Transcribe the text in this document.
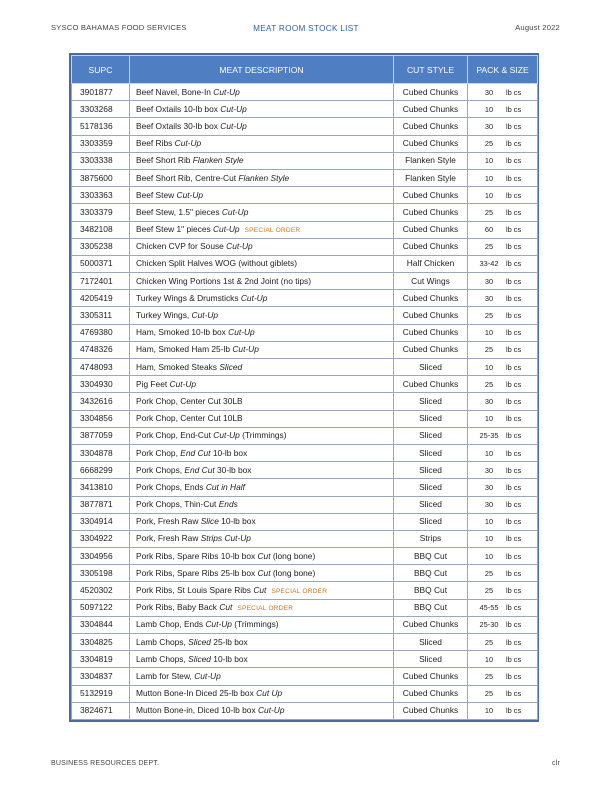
SYSCO BAHAMAS FOOD SERVICES	MEAT ROOM STOCK LIST	August 2022
SUPC	MEAT DESCRIPTION	CUT STYLE	PACK & SIZE
3901877	Beef Navel, Bone-In Cut-Up	Cubed Chunks	30 lb cs
3303268	Beef Oxtails 10-lb box Cut-Up	Cubed Chunks	10 lb cs
5178136	Beef Oxtails 30-lb box Cut-Up	Cubed Chunks	30 lb cs
3303359	Beef Ribs Cut-Up	Cubed Chunks	25 lb cs
3303338	Beef Short Rib Flanken Style	Flanken Style	10 lb cs
3875600	Beef Short Rib, Centre-Cut Flanken Style	Flanken Style	10 lb cs
3303363	Beef Stew Cut-Up	Cubed Chunks	10 lb cs
3303379	Beef Stew, 1.5" pieces Cut-Up	Cubed Chunks	25 lb cs
3482108	Beef Stew 1" pieces Cut-Up SPECIAL ORDER	Cubed Chunks	60 lb cs
3305238	Chicken CVP for Souse Cut-Up	Cubed Chunks	25 lb cs
5000371	Chicken Split Halves WOG (without giblets)	Half Chicken	33-42 lb cs
7172401	Chicken Wing Portions 1st & 2nd Joint (no tips)	Cut Wings	30 lb cs
4205419	Turkey Wings & Drumsticks Cut-Up	Cubed Chunks	30 lb cs
3305311	Turkey Wings, Cut-Up	Cubed Chunks	25 lb cs
4769380	Ham, Smoked 10-lb box Cut-Up	Cubed Chunks	10 lb cs
4748326	Ham, Smoked Ham 25-lb Cut-Up	Cubed Chunks	25 lb cs
4748093	Ham, Smoked Steaks Sliced	Sliced	10 lb cs
3304930	Pig Feet Cut-Up	Cubed Chunks	25 lb cs
3432616	Pork Chop, Center Cut 30LB	Sliced	30 lb cs
3304856	Pork Chop, Center Cut 10LB	Sliced	10 lb cs
3877059	Pork Chop, End-Cut Cut-Up (Trimmings)	Sliced	25-35 lb cs
3304878	Pork Chop, End Cut 10-lb box	Sliced	10 lb cs
6668299	Pork Chops, End Cut 30-lb box	Sliced	30 lb cs
3413810	Pork Chops, Ends Cut in Half	Sliced	30 lb cs
3877871	Pork Chops, Thin-Cut Ends	Sliced	30 lb cs
3304914	Pork, Fresh Raw Slice 10-lb box	Sliced	10 lb cs
3304922	Pork, Fresh Raw Strips Cut-Up	Strips	10 lb cs
3304956	Pork Ribs, Spare Ribs 10-lb box Cut (long bone)	BBQ Cut	10 lb cs
3305198	Pork Ribs, Spare Ribs 25-lb box Cut (long bone)	BBQ Cut	25 lb cs
4520302	Pork Ribs, St Louis Spare Ribs Cut SPECIAL ORDER	BBQ Cut	25 lb cs
5097122	Pork Ribs, Baby Back Cut SPECIAL ORDER	BBQ Cut	45-55 lb cs
3304844	Lamb Chop, Ends Cut-Up (Trimmings)	Cubed Chunks	25-30 lb cs
3304825	Lamb Chops, Sliced 25-lb box	Sliced	25 lb cs
3304819	Lamb Chops, Sliced 10-lb box	Sliced	10 lb cs
3304837	Lamb for Stew, Cut-Up	Cubed Chunks	25 lb cs
5132919	Mutton Bone-In Diced 25-lb box Cut Up	Cubed Chunks	25 lb cs
3824671	Mutton Bone-in, Diced 10-lb box Cut-Up	Cubed Chunks	10 lb cs
BUSINESS RESOURCES DEPT.	clr
